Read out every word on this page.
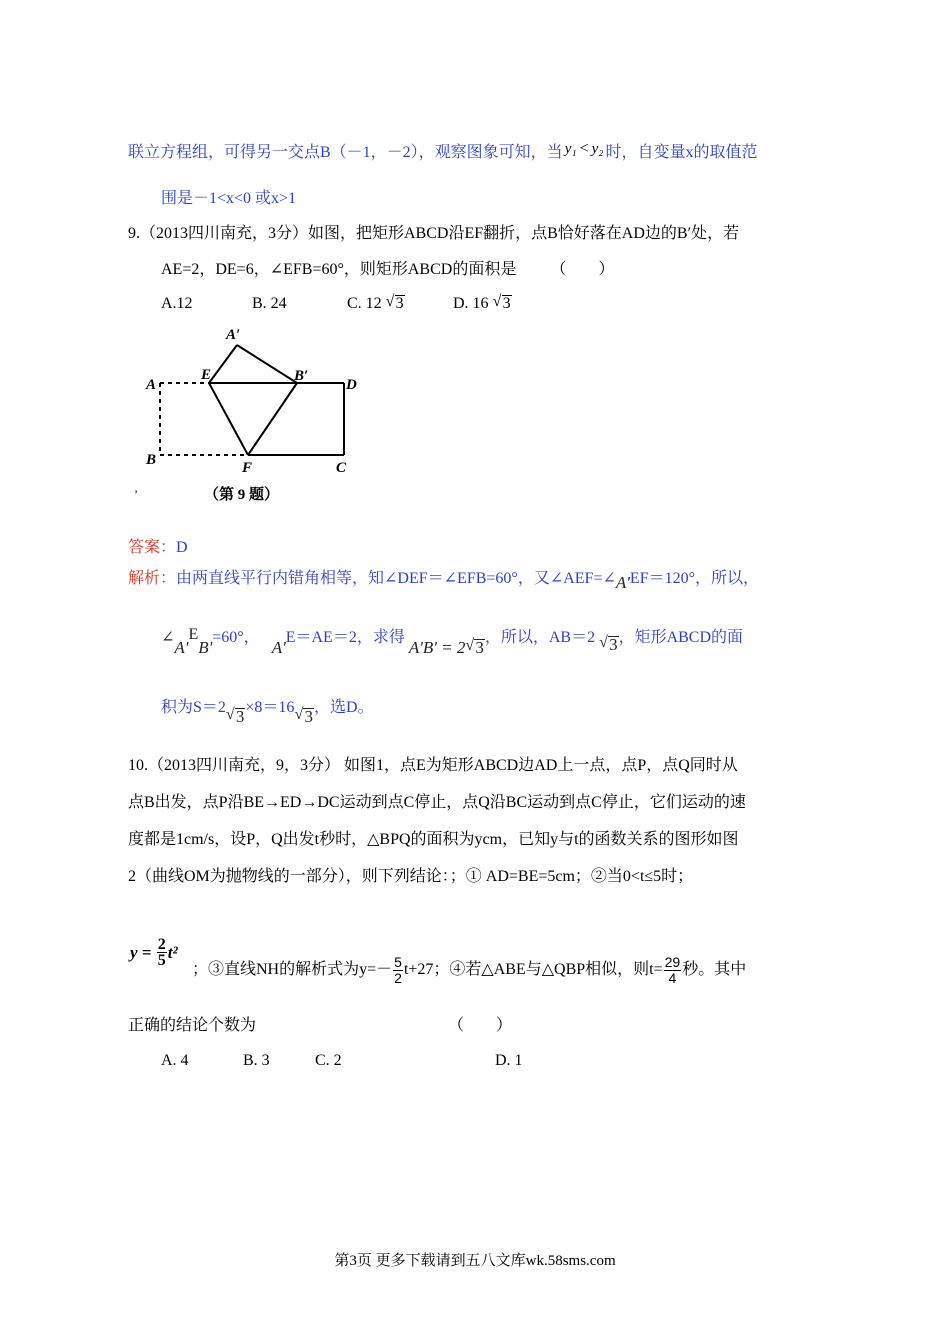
联立方程组，可得另一交点B（－1，－2），观察图象可知，当 y₁ < y₂ 时，自变量x的取值范
围是－1<x<0 或x>1
9.（2013四川南充，3分）如图，把矩形ABCD沿EF翻折，点B恰好落在AD边的B′处，若
AE=2，DE=6，∠EFB=60°，则矩形ABCD的面积是 （　　）
A.12	B. 24	C. 12 √ 3	D. 16 √ 3
A′
A
E	B′
D
B	F	C
（第 9 题）
’
答案：D
解析：由两直线平行内错角相等，知∠DEF＝∠EFB=60°，又∠AEF=∠A'EF＝120°，所以，
∠A'EB'=60°， A'E＝AE＝2，求得 A'B' = 2 √ 3，所以，AB＝2 √ 3，矩形ABCD的面
积为S＝2 √ 3×8＝16 √ 3，选D。
10.（2013四川南充，9，3分） 如图1，点E为矩形ABCD边AD上一点，点P，点Q同时从
点B出发，点P沿BE→ED→DC运动到点C停止，点Q沿BC运动到点C停止，它们运动的速
度都是1cm/s，设P，Q出发t秒时，△BPQ的面积为ycm，已知y与t的函数关系的图形如图
2（曲线OM为抛物线的一部分），则下列结论：；① AD=BE=5cm；②当0<t≤5时；
$y = \frac{2}{5} t^2$
；③直线NH的解析式为$y=- \frac{5}{2} t+27$；④若△ABE与△QBP相似，则$t= \frac{29}{4}$ 秒。其中
正确的结论个数为	（　　）
A. 4	B. 3	C. 2	D. 1
第3页 更多下载请到五八文库wk.58sms.com
